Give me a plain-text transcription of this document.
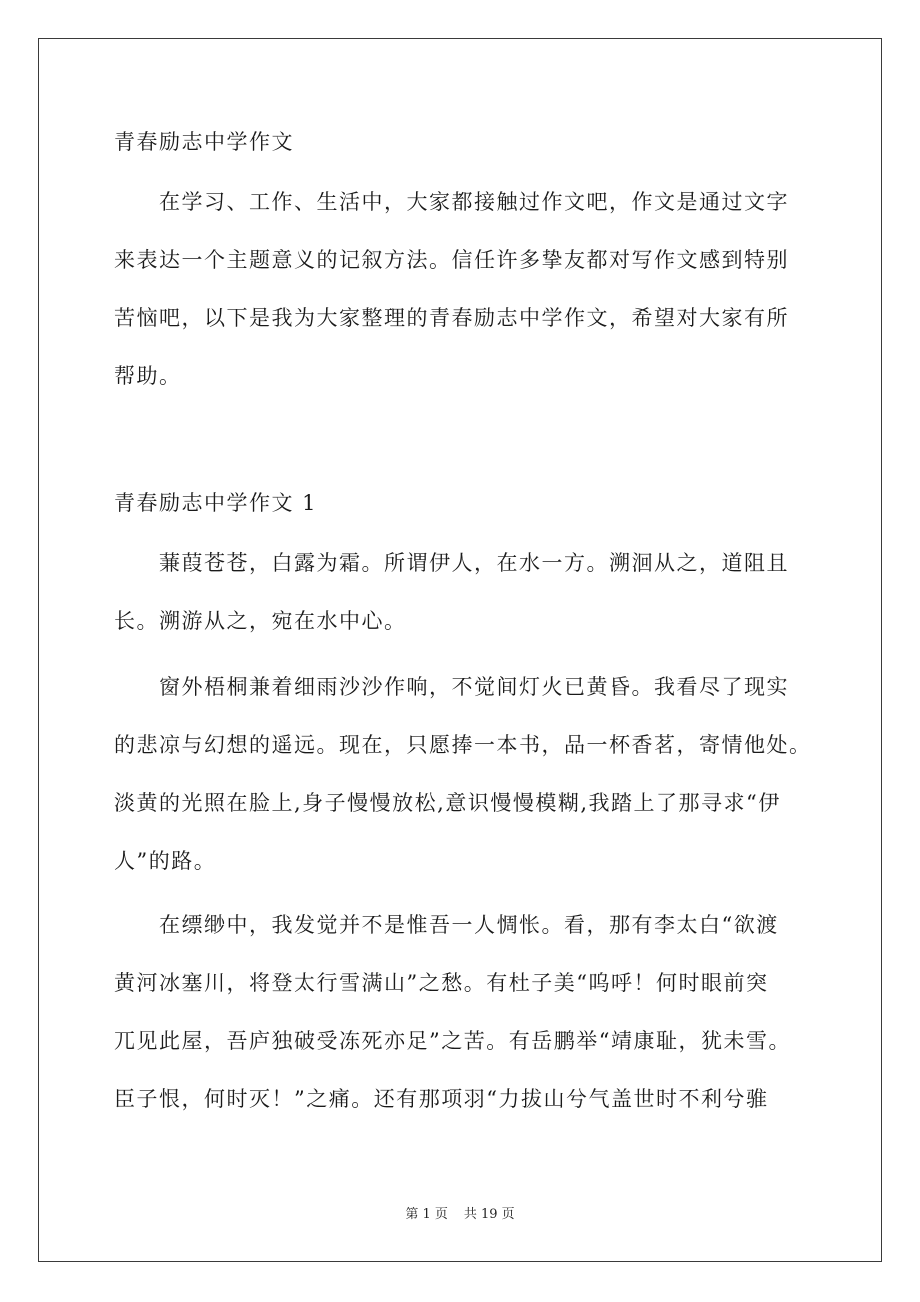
青春励志中学作文
在学习、工作、生活中，大家都接触过作文吧，作文是通过文字
来表达一个主题意义的记叙方法。信任许多挚友都对写作文感到特别
苦恼吧，以下是我为大家整理的青春励志中学作文，希望对大家有所
帮助。
青春励志中学作文 1
蒹葭苍苍，白露为霜。所谓伊人，在水一方。溯洄从之，道阻且
长。溯游从之，宛在水中心。
窗外梧桐兼着细雨沙沙作响，不觉间灯火已黄昏。我看尽了现实
的悲凉与幻想的遥远。现在，只愿捧一本书，品一杯香茗，寄情他处。
淡黄的光照在脸上,身子慢慢放松,意识慢慢模糊,我踏上了那寻求“伊
人”的路。
在缥缈中，我发觉并不是惟吾一人惆怅。看，那有李太白“欲渡
黄河冰塞川，将登太行雪满山”之愁。有杜子美“呜呼！何时眼前突
兀见此屋，吾庐独破受冻死亦足”之苦。有岳鹏举“靖康耻，犹未雪。
臣子恨，何时灭！”之痛。还有那项羽“力拔山兮气盖世时不利兮骓
第 1 页 共 19 页
